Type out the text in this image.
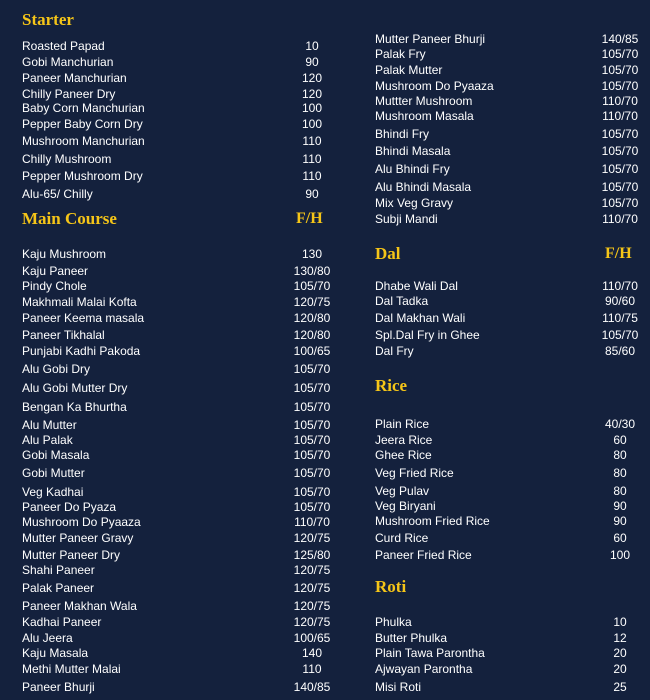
Starter
Roasted Papad	10
Gobi Manchurian	90
Paneer Manchurian	120
Chilly Paneer Dry	120
Baby Corn Manchurian	100
Pepper Baby Corn Dry	100
Mushroom Manchurian	110
Chilly Mushroom	110
Pepper Mushroom Dry	110
Alu-65/ Chilly	90
Main Course	F/H
Kaju Mushroom	130
Kaju Paneer	130/80
Pindy Chole	105/70
Makhmali Malai Kofta	120/75
Paneer Keema masala	120/80
Paneer Tikhalal	120/80
Punjabi Kadhi Pakoda	100/65
Alu Gobi Dry	105/70
Alu Gobi Mutter Dry	105/70
Bengan Ka Bhurtha	105/70
Alu Mutter	105/70
Alu Palak	105/70
Gobi Masala	105/70
Gobi Mutter	105/70
Veg Kadhai	105/70
Paneer Do Pyaza	105/70
Mushroom Do Pyaaza	110/70
Mutter Paneer Gravy	120/75
Mutter Paneer Dry	125/80
Shahi Paneer	120/75
Palak Paneer	120/75
Paneer Makhan Wala	120/75
Kadhai Paneer	120/75
Alu Jeera	100/65
Kaju Masala	140
Methi Mutter Malai	110
Paneer Bhurji	140/85
Mutter Paneer Bhurji	140/85
Palak Fry	105/70
Palak Mutter	105/70
Mushroom Do Pyaaza	105/70
Muttter Mushroom	110/70
Mushroom Masala	110/70
Bhindi Fry	105/70
Bhindi Masala	105/70
Alu Bhindi Fry	105/70
Alu Bhindi Masala	105/70
Mix Veg Gravy	105/70
Subji Mandi	110/70
Dal	F/H
Dhabe Wali Dal	110/70
Dal Tadka	90/60
Dal Makhan Wali	110/75
Spl.Dal Fry in Ghee	105/70
Dal Fry	85/60
Rice
Plain Rice	40/30
Jeera Rice	60
Ghee Rice	80
Veg Fried Rice	80
Veg Pulav	80
Veg Biryani	90
Mushroom Fried Rice	90
Curd Rice	60
Paneer Fried Rice	100
Roti
Phulka	10
Butter Phulka	12
Plain Tawa Parontha	20
Ajwayan Parontha	20
Misi Roti	25
